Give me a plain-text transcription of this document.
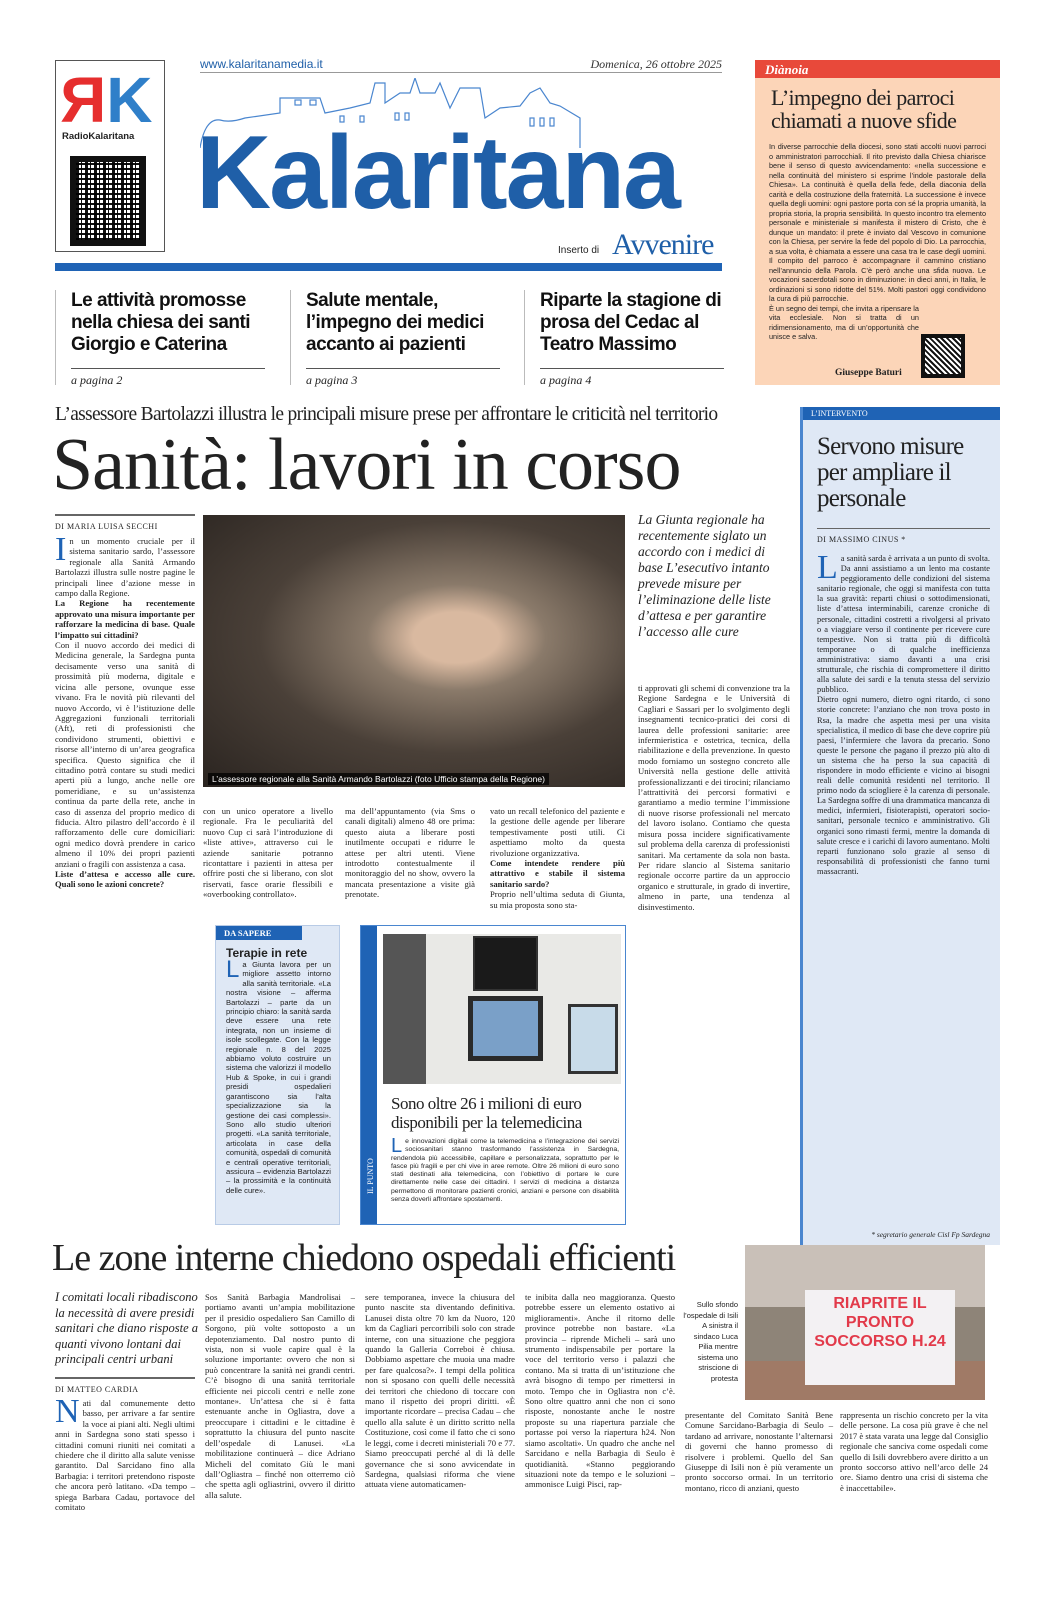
RK
RadioKalaritana
www.kalaritanamedia.it	Domenica, 26 ottobre 2025
Kalaritana
Inserto di Avvenire
Le attività promosse nella chiesa dei santi Giorgio e Caterina
a pagina 2
Salute mentale, l’impegno dei medici accanto ai pazienti
a pagina 3
Riparte la stagione di prosa del Cedac al Teatro Massimo
a pagina 4
Diànoia
L’impegno dei parroci chiamati a nuove sfide

In diverse parrocchie della diocesi, sono stati accolti nuovi parroci o amministratori parrocchiali. Il rito previsto dalla Chiesa chiarisce bene il senso di questo avvicendamento: «nella successione e nella continuità del ministero si esprime l’indole pastorale della Chiesa». La continuità è quella della fede, della diaconia della carità e della costruzione della fraternità. La successione è invece quella degli uomini: ogni pastore porta con sé la propria umanità, la propria storia, la propria sensibilità. In questo incontro tra elemento personale e ministeriale si manifesta il mistero di Cristo, che è dunque un mandato: il prete è inviato dal Vescovo in comunione con la Chiesa, per servire la fede del popolo di Dio. La parrocchia, a sua volta, è chiamata a essere una casa tra le case degli uomini. Il compito del parroco è accompagnare il cammino cristiano nell’annuncio della Parola. C’è però anche una sfida nuova. Le vocazioni sacerdotali sono in diminuzione: in dieci anni, in Italia, le ordinazioni si sono ridotte del 51%. Molti pastori oggi condividono la cura di più parrocchie.

È un segno dei tempi, che invita a ripensare la vita ecclesiale. Non si tratta di un ridimensionamento, ma di un’opportunità che unisce e salva.

Giuseppe Baturi
L’assessore Bartolazzi illustra le principali misure prese per affrontare le criticità nel territorio
Sanità: lavori in corso
DI MARIA LUISA SECCHI
I n un momento cruciale per il sistema sanitario sardo, l’assessore regionale alla Sanità Armando Bartolazzi illustra sulle nostre pagine le principali linee d’azione messe in campo dalla Regione.

La Regione ha recentemente approvato una misura importante per rafforzare la medicina di base. Quale l’impatto sui cittadini?

Con il nuovo accordo dei medici di Medicina generale, la Sardegna punta decisamente verso una sanità di prossimità più moderna, digitale e vicina alle persone, ovunque esse vivano. Fra le novità più rilevanti del nuovo Accordo, vi è l’istituzione delle Aggregazioni funzionali territoriali (Aft), reti di professionisti che condividono strumenti, obiettivi e risorse all’interno di un’area geografica specifica. Questo significa che il cittadino potrà contare su studi medici aperti più a lungo, anche nelle ore pomeridiane, e su un’assistenza continua da parte della rete, anche in caso di assenza del proprio medico di fiducia. Altro pilastro dell’accordo è il rafforzamento delle cure domiciliari: ogni medico dovrà prendere in carico almeno il 10% dei propri pazienti anziani o fragili con assistenza a casa.

Liste d’attesa e accesso alle cure. Quali sono le azioni concrete?

L’assessore regionale alla Sanità Armando Bartolazzi (foto Ufficio stampa della Regione)
La Giunta regionale ha recentemente siglato un accordo con i medici di base L’esecutivo intanto prevede misure per l’eliminazione delle liste d’attesa e per garantire l’accesso alle cure
con un unico operatore a livello regionale. Fra le peculiarità del nuovo Cup ci sarà l’introduzione di «liste attive», attraverso cui le aziende sanitarie potranno ricontattare i pazienti in attesa per offrire posti che si liberano, con slot riservati, fasce orarie flessibili e «overbooking controllato».
ma dell’appuntamento (via Sms o canali digitali) almeno 48 ore prima: questo aiuta a liberare posti inutilmente occupati e ridurre le attese per altri utenti. Viene introdotto contestualmente il monitoraggio del no show, ovvero la mancata presentazione a visite già prenotate.

vato un recall telefonico del paziente e la gestione delle agende per liberare tempestivamente posti utili. Ci aspettiamo molto da questa rivoluzione organizzativa.

Come intendete rendere più attrattivo e stabile il sistema sanitario sardo?

Proprio nell’ultima seduta di Giunta, su mia proposta sono sta-

ti approvati gli schemi di convenzione tra la Regione Sardegna e le Università di Cagliari e Sassari per lo svolgimento degli insegnamenti tecnico-pratici dei corsi di laurea delle professioni sanitarie: aree infermieristica e ostetrica, tecnica, della riabilitazione e della prevenzione. In questo modo forniamo un sostegno concreto alle Università nella gestione delle attività professionalizzanti e dei tirocini; rilanciamo l’attrattività dei percorsi formativi e garantiamo a medio termine l’immissione di nuove risorse professionali nel mercato del lavoro isolano. Contiamo che questa misura possa incidere significativamente sul problema della carenza di professionisti sanitari. Ma certamente da sola non basta. Per ridare slancio al Sistema sanitario regionale occorre partire da un approccio organico e strutturale, in grado di invertire, almeno in parte, una tendenza al disinvestimento.
DA SAPERE
Terapie in rete
L a Giunta lavora per un migliore assetto intorno alla sanità territoriale. «La nostra visione – afferma Bartolazzi – parte da un principio chiaro: la sanità sarda deve essere una rete integrata, non un insieme di isole scollegate. Con la legge regionale n. 8 del 2025 abbiamo voluto costruire un sistema che valorizzi il modello Hub & Spoke, in cui i grandi presidi ospedalieri garantiscono sia l’alta specializzazione sia la gestione dei casi complessi». Sono allo studio ulteriori progetti. «La sanità territoriale, articolata in case della comunità, ospedali di comunità e centrali operative territoriali, assicura – evidenzia Bartolazzi – la prossimità e la continuità delle cure».	IL PUNTO
Sono oltre 26 i milioni di euro disponibili per la telemedicina
L e innovazioni digitali come la telemedicina e l’integrazione dei servizi sociosanitari stanno trasformando l’assistenza in Sardegna, rendendola più accessibile, capillare e personalizzata, soprattutto per le fasce più fragili e per chi vive in aree remote. Oltre 26 milioni di euro sono stati destinati alla telemedicina, con l’obiettivo di portare le cure direttamente nelle case dei cittadini. I servizi di medicina a distanza permettono di monitorare pazienti cronici, anziani e persone con disabilità senza doverli affrontare spostamenti.

L’INTERVENTO
Servono misure per ampliare il personale
DI MASSIMO CINUS *
L a sanità sarda è arrivata a un punto di svolta. Da anni assistiamo a un lento ma costante peggioramento delle condizioni del sistema sanitario regionale, che oggi si manifesta con tutta la sua gravità: reparti chiusi o sottodimensionati, liste d’attesa interminabili, carenze croniche di personale, cittadini costretti a rivolgersi al privato o a viaggiare verso il continente per ricevere cure tempestive. Non si tratta più di difficoltà temporanee o di qualche inefficienza amministrativa: siamo davanti a una crisi strutturale, che rischia di compromettere il diritto alla salute dei sardi e la tenuta stessa del servizio pubblico.

Dietro ogni numero, dietro ogni ritardo, ci sono storie concrete: l’anziano che non trova posto in Rsa, la madre che aspetta mesi per una visita specialistica, il medico di base che deve coprire più paesi, l’infermiere che lavora da precario. Sono queste le persone che pagano il prezzo più alto di un sistema che ha perso la sua capacità di rispondere in modo efficiente e vicino ai bisogni reali delle comunità residenti nel territorio. Il primo nodo da sciogliere è la carenza di personale. La Sardegna soffre di una drammatica mancanza di medici, infermieri, fisioterapisti, operatori socio-sanitari, personale tecnico e amministrativo. Gli organici sono rimasti fermi, mentre la domanda di salute cresce e i carichi di lavoro aumentano. Molti reparti funzionano solo grazie al senso di responsabilità di professionisti che fanno turni massacranti.

* segretario generale Cisl Fp Sardegna
Le zone interne chiedono ospedali efficienti
I comitati locali ribadiscono la necessità di avere presidi sanitari che diano risposte a quanti vivono lontani dai principali centri urbani
DI MATTEO CARDIA
N ati dal comunemente detto basso, per arrivare a far sentire la voce ai piani alti. Negli ultimi anni in Sardegna sono stati spesso i cittadini comuni riuniti nei comitati a chiedere che il diritto alla salute venisse garantito. Dal Sarcidano fino alla Barbagia: i territori pretendono risposte che ancora però latitano. «Da tempo – spiega Barbara Cadau, portavoce del comitato

Sos Sanità Barbagia Mandrolisai – portiamo avanti un’ampia mobilitazione per il presidio ospedaliero San Camillo di Sorgono, più volte sottoposto a un depotenziamento. Dal nostro punto di vista, non si vuole capire qual è la soluzione importante: ovvero che non si può concentrare la sanità nei grandi centri. C’è bisogno di una sanità territoriale efficiente nei piccoli centri e nelle zone montane». Un’attesa che si è fatta estenuante anche in Ogliastra, dove a preoccupare i cittadini e le cittadine è soprattutto la chiusura del punto nascite dell’ospedale di Lanusei. «La mobilitazione continuerà – dice Adriano Micheli del comitato Giù le mani dall’Ogliastra – finché non otterremo ciò che spetta agli ogliastrini, ovvero il diritto alla salute.
sere temporanea, invece la chiusura del punto nascite sta diventando definitiva. Lanusei dista oltre 70 km da Nuoro, 120 km da Cagliari percorribili solo con strade interne, con una situazione che peggiora quando la Galleria Correboi è chiusa. Dobbiamo aspettare che muoia una madre per fare qualcosa?». I tempi della politica non si sposano con quelli delle necessità dei territori che chiedono di toccare con mano il rispetto dei propri diritti. «È importante ricordare – precisa Cadau – che quello alla salute è un diritto scritto nella Costituzione, così come il fatto che ci sono le leggi, come i decreti ministeriali 70 e 77. Siamo preoccupati perché al di là delle governance che si sono avvicendate in Sardegna, qualsiasi riforma che viene attuata viene automaticamen-
te inibita dalla neo maggioranza. Questo potrebbe essere un elemento ostativo ai miglioramenti». Anche il ritorno delle province potrebbe non bastare. «La provincia – riprende Micheli – sarà uno strumento indispensabile per portare la voce del territorio verso i palazzi che contano. Ma si tratta di un’istituzione che avrà bisogno di tempo per rimettersi in moto. Tempo che in Ogliastra non c’è. Sono oltre quattro anni che non ci sono risposte, nonostante anche le nostre proposte su una riapertura parziale che portasse poi verso la riapertura h24. Non siamo ascoltati». Un quadro che anche nel Sarcidano e nella Barbagia di Seulo è quotidianità. «Stanno peggiorando situazioni note da tempo e le soluzioni – ammonisce Luigi Pisci, rap-
Sullo sfondo l’ospedale di Isili A sinistra il sindaco Luca Pilia mentre sistema uno striscione di protesta
RIAPRITE IL PRONTO SOCCORSO H.24
presentante del Comitato Sanità Bene Comune Sarcidano-Barbagia di Seulo – tardano ad arrivare, nonostante l’alternarsi di governi che hanno promesso di risolvere i problemi. Quello del San Giuseppe di Isili non è più veramente un pronto soccorso ormai. In un territorio montano, ricco di anziani, questo
rappresenta un rischio concreto per la vita delle persone. La cosa più grave è che nel 2017 è stata varata una legge dal Consiglio regionale che sanciva come ospedali come quello di Isili dovrebbero avere diritto a un pronto soccorso attivo nell’arco delle 24 ore. Siamo dentro una crisi di sistema che è inaccettabile».
